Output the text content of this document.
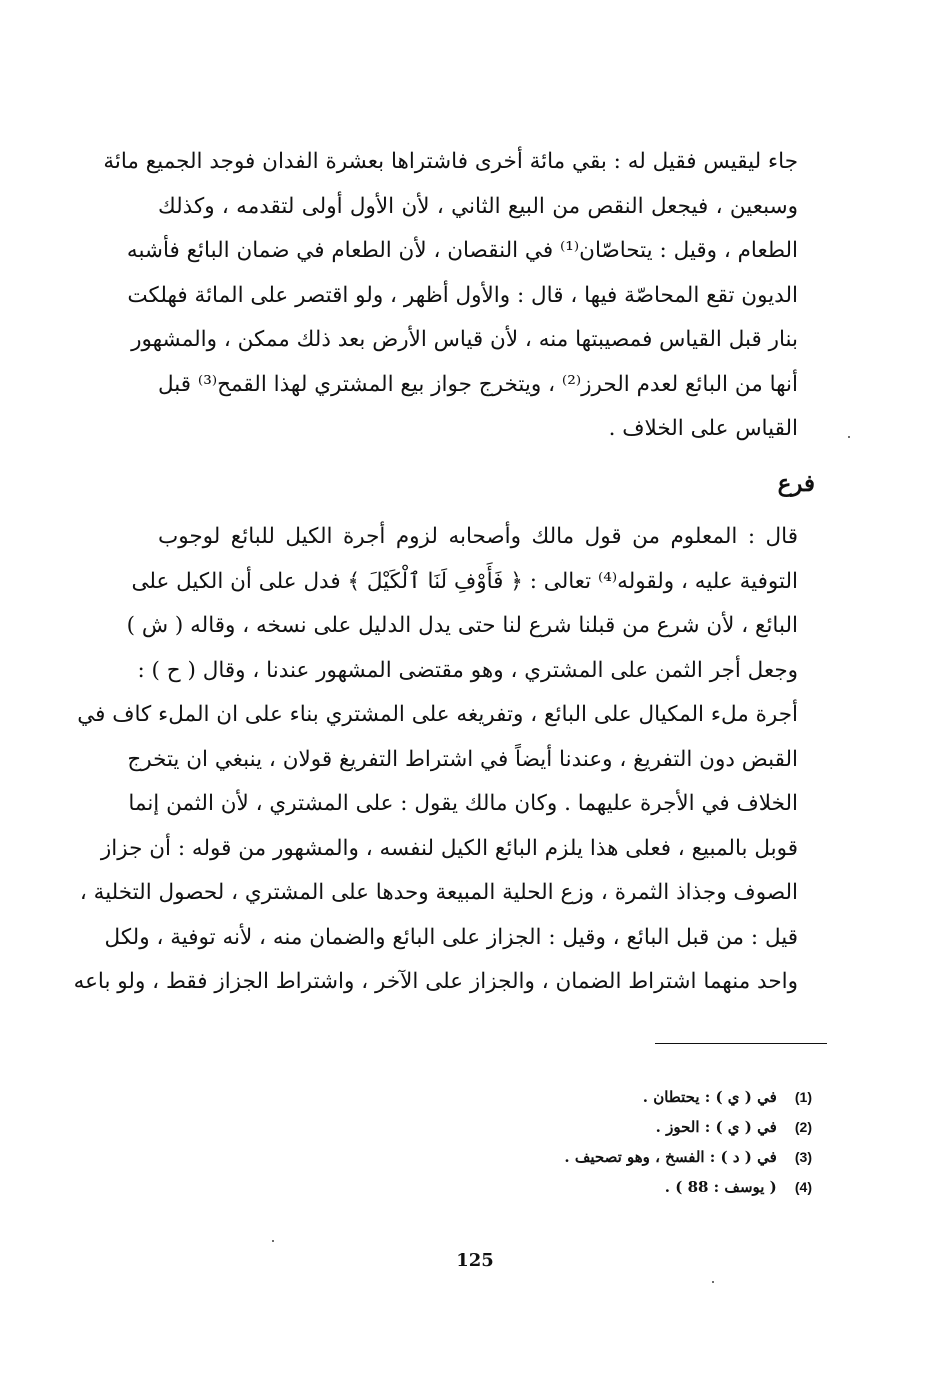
جاء ليقيس فقيل له : بقي مائة أخرى فاشتراها بعشرة الفدان فوجد الجميع مائة
وسبعين ، فيجعل النقص من البيع الثاني ، لأن الأول أولى لتقدمه ، وكذلك
الطعام ، وقيل : يتحاصّان⁽¹⁾ في النقصان ، لأن الطعام في ضمان البائع فأشبه
الديون تقع المحاصّة فيها ، قال : والأول أظهر ، ولو اقتصر على المائة فهلكت
بنار قبل القياس فمصيبتها منه ، لأن قياس الأرض بعد ذلك ممكن ، والمشهور
أنها من البائع لعدم الحرز⁽²⁾ ، ويتخرج جواز بيع المشتري لهذا القمح⁽³⁾ قبل
القياس على الخلاف .
فرع
قال : المعلوم من قول مالك وأصحابه لزوم أجرة الكيل للبائع لوجوب
التوفية عليه ، ولقوله⁽⁴⁾ تعالى : ﴿ فَأَوْفِ لَنَا ٱلْكَيْلَ ﴾ فدل على أن الكيل على
البائع ، لأن شرع من قبلنا شرع لنا حتى يدل الدليل على نسخه ، وقاله ( ش )
وجعل أجر الثمن على المشتري ، وهو مقتضى المشهور عندنا ، وقال ( ح ) :
أجرة ملء المكيال على البائع ، وتفريغه على المشتري بناء على ان الملء كاف في
القبض دون التفريغ ، وعندنا أيضاً في اشتراط التفريغ قولان ، ينبغي ان يتخرج
الخلاف في الأجرة عليهما . وكان مالك يقول : على المشتري ، لأن الثمن إنما
قوبل بالمبيع ، فعلى هذا يلزم البائع الكيل لنفسه ، والمشهور من قوله : أن جزاز
الصوف وجذاذ الثمرة ، وزع الحلية المبيعة وحدها على المشتري ، لحصول التخلية ،
قيل : من قبل البائع ، وقيل : الجزاز على البائع والضمان منه ، لأنه توفية ، ولكل
واحد منهما اشتراط الضمان ، والجزاز على الآخر ، واشتراط الجزاز فقط ، ولو باعه
(1) في ( ي ) : يحتطان .
(2) في ( ي ) : الحوز .
(3) في ( د ) : الفسخ ، وهو تصحيف .
(4) ( يوسف : 88 ) .
125
